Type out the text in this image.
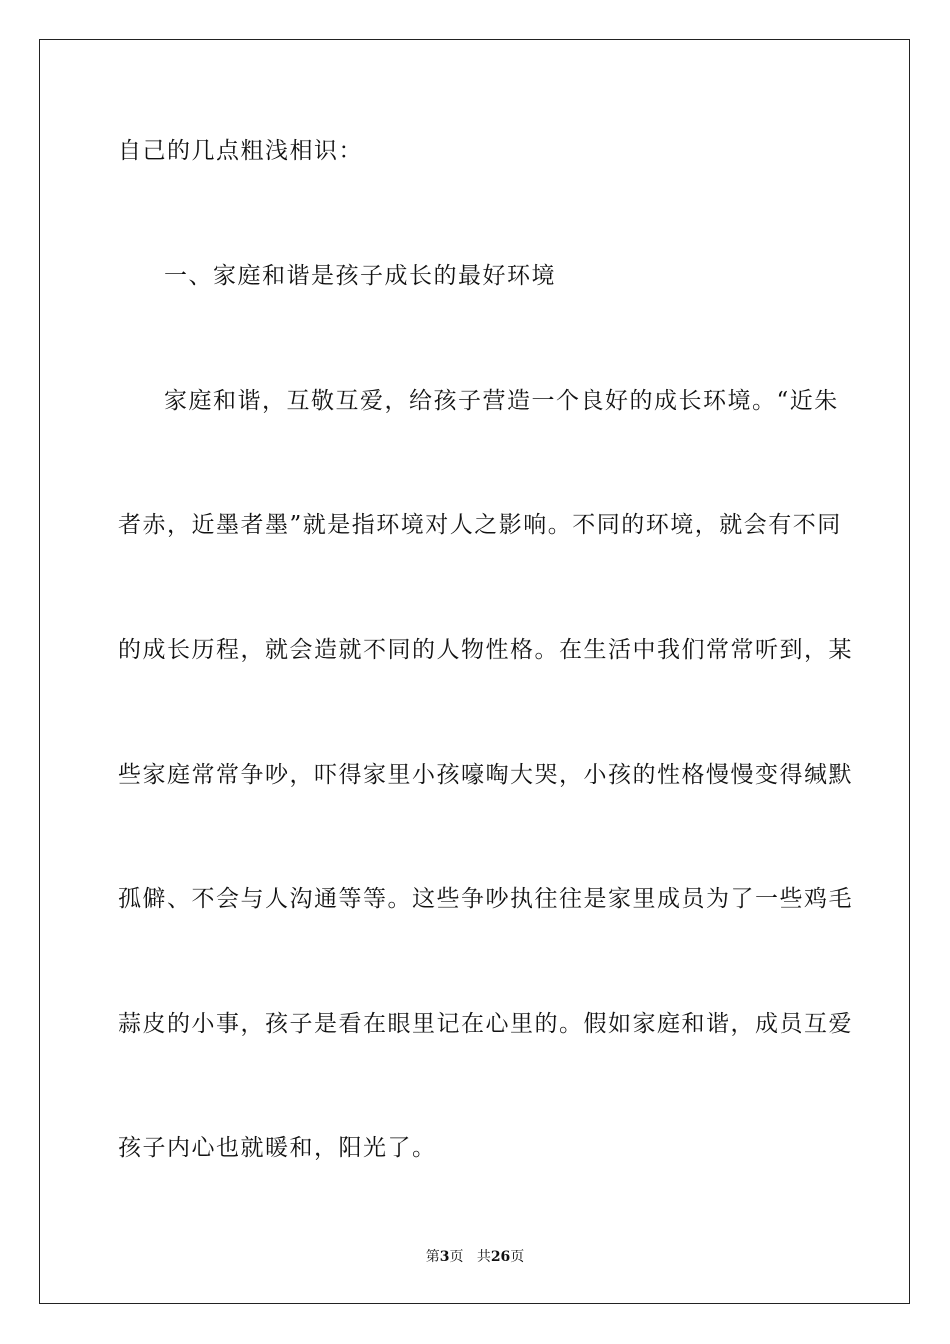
自己的几点粗浅相识：
一、家庭和谐是孩子成长的最好环境
家庭和谐，互敬互爱，给孩子营造一个良好的成长环境。“近朱
者赤，近墨者墨”就是指环境对人之影响。不同的环境，就会有不同
的成长历程，就会造就不同的人物性格。在生活中我们常常听到，某
些家庭常常争吵，吓得家里小孩嚎啕大哭，小孩的性格慢慢变得缄默
孤僻、不会与人沟通等等。这些争吵执往往是家里成员为了一些鸡毛
蒜皮的小事，孩子是看在眼里记在心里的。假如家庭和谐，成员互爱
孩子内心也就暖和，阳光了。
第3页 共26页
